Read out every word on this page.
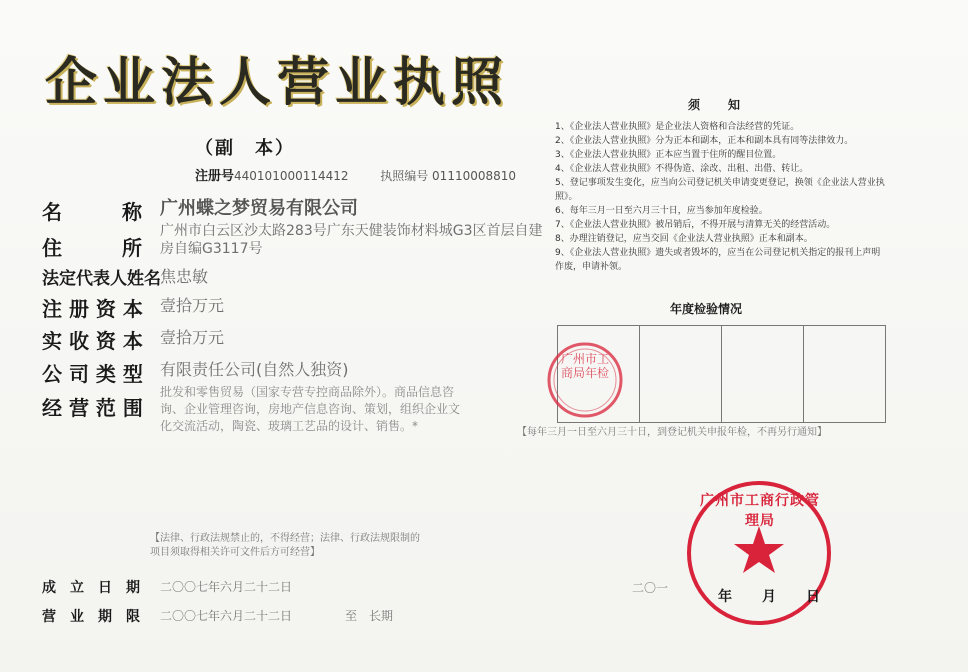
企业法人营业执照
（副　本）
注册号440101000114412	执照编号 01110008810
名　　　称	广州蝶之梦贸易有限公司
住　　　所
广州市白云区沙太路283号广东天健装饰材料城G3区首层自建房自编G3117号
法定代表人姓名 焦忠敏
注 册 资 本 壹拾万元
实 收 资 本 壹拾万元
公 司 类 型 有限责任公司(自然人独资)
经 营 范 围
批发和零售贸易（国家专营专控商品除外）。商品信息咨询、企业管理咨询，房地产信息咨询、策划，组织企业文化交流活动，陶瓷、玻璃工艺品的设计、销售。*
【法律、行政法规禁止的，不得经营；法律、行政法规限制的项目须取得相关许可文件后方可经营】
成　立　日　期 二〇〇七年六月二十二日
营　业　期　限 二〇〇七年六月二十二日	至　长期
须知
1、《企业法人营业执照》是企业法人资格和合法经营的凭证。
2、《企业法人营业执照》分为正本和副本，正本和副本具有同等法律效力。
3、《企业法人营业执照》正本应当置于住所的醒目位置。
4、《企业法人营业执照》不得伪造、涂改、出租、出借、转让。
5、登记事项发生变化，应当向公司登记机关申请变更登记，换领《企业法人营业执照》。
6、每年三月一日至六月三十日，应当参加年度检验。
7、《企业法人营业执照》被吊销后，不得开展与清算无关的经营活动。
8、办理注销登记，应当交回《企业法人营业执照》正本和副本。
9、《企业法人营业执照》遗失或者毁坏的，应当在公司登记机关指定的报刊上声明作废，申请补领。
年度检验情况
【每年三月一日至六月三十日，到登记机关申报年检，不再另行通知】
广州市工商局年检
广州市工商行政管理局
二〇一
年 月 日
